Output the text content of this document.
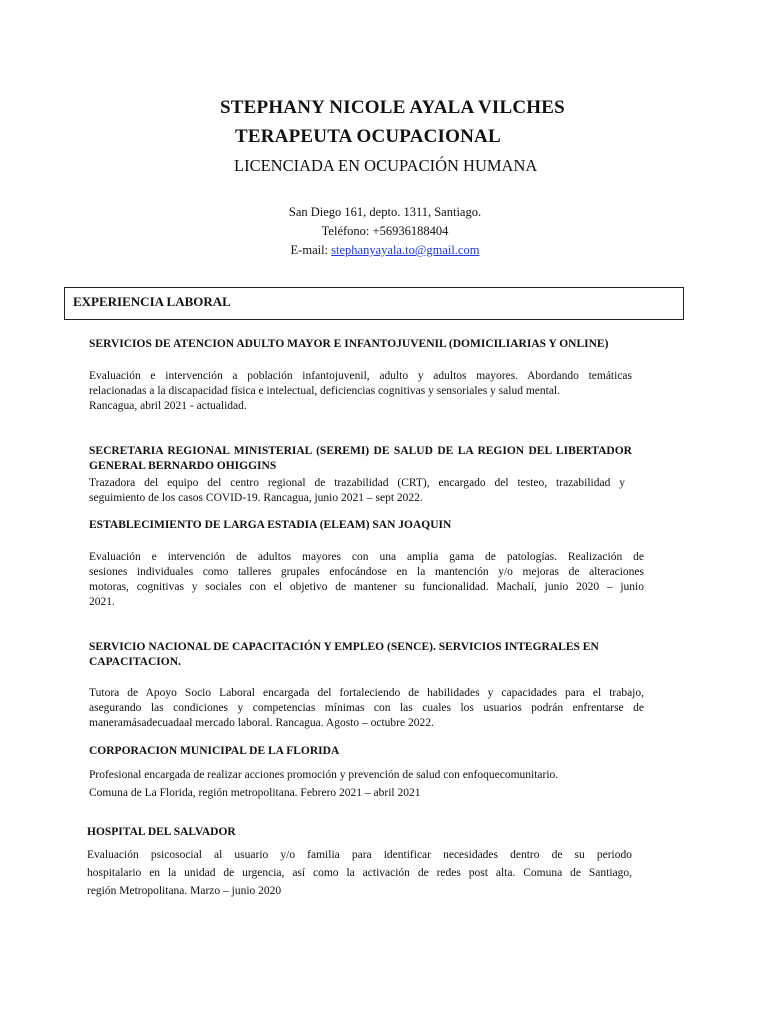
STEPHANY NICOLE AYALA VILCHES
TERAPEUTA OCUPACIONAL
LICENCIADA EN OCUPACIÓN HUMANA
San Diego 161, depto. 1311, Santiago.
Teléfono: +56936188404
E-mail: stephanyayala.to@gmail.com
EXPERIENCIA LABORAL
SERVICIOS DE ATENCION ADULTO MAYOR E INFANTOJUVENIL (DOMICILIARIAS Y ONLINE)
Evaluación e intervención a población infantojuvenil, adulto y adultos mayores. Abordando temáticas
relacionadas a la discapacidad física e intelectual, deficiencias cognitivas y sensoriales y salud mental.
Rancagua, abril 2021 - actualidad.
SECRETARIA REGIONAL MINISTERIAL (SEREMI) DE SALUD DE LA REGION DEL LIBERTADOR
GENERAL BERNARDO OHIGGINS
Trazadora del equipo del centro regional de trazabilidad (CRT), encargado del testeo, trazabilidad y
seguimiento de los casos COVID-19. Rancagua, junio 2021 – sept 2022.
ESTABLECIMIENTO DE LARGA ESTADIA (ELEAM) SAN JOAQUIN
Evaluación e intervención de adultos mayores con una amplia gama de patologías. Realización de
sesiones individuales como talleres grupales enfocándose en la mantención y/o mejoras de alteraciones
motoras, cognitivas y sociales con el objetivo de mantener su funcionalidad. Machalí, junio 2020 – junio
2021.
SERVICIO NACIONAL DE CAPACITACIÓN Y EMPLEO (SENCE). SERVICIOS INTEGRALES EN
CAPACITACION.
Tutora de Apoyo Socio Laboral encargada del fortaleciendo de habilidades y capacidades para el trabajo,
asegurando las condiciones y competencias mínimas con las cuales los usuarios podrán enfrentarse de
maneramásadecuadaal mercado laboral. Rancagua. Agosto – octubre 2022.
CORPORACION MUNICIPAL DE LA FLORIDA
Profesional encargada de realizar acciones promoción y prevención de salud con enfoquecomunitario.
Comuna de La Florida, región metropolitana. Febrero 2021 – abril 2021
HOSPITAL DEL SALVADOR
Evaluación psicosocial al usuario y/o familia para identificar necesidades dentro de su periodo
hospitalario en la unidad de urgencia, así como la activación de redes post alta. Comuna de Santiago,
región Metropolitana. Marzo – junio 2020
